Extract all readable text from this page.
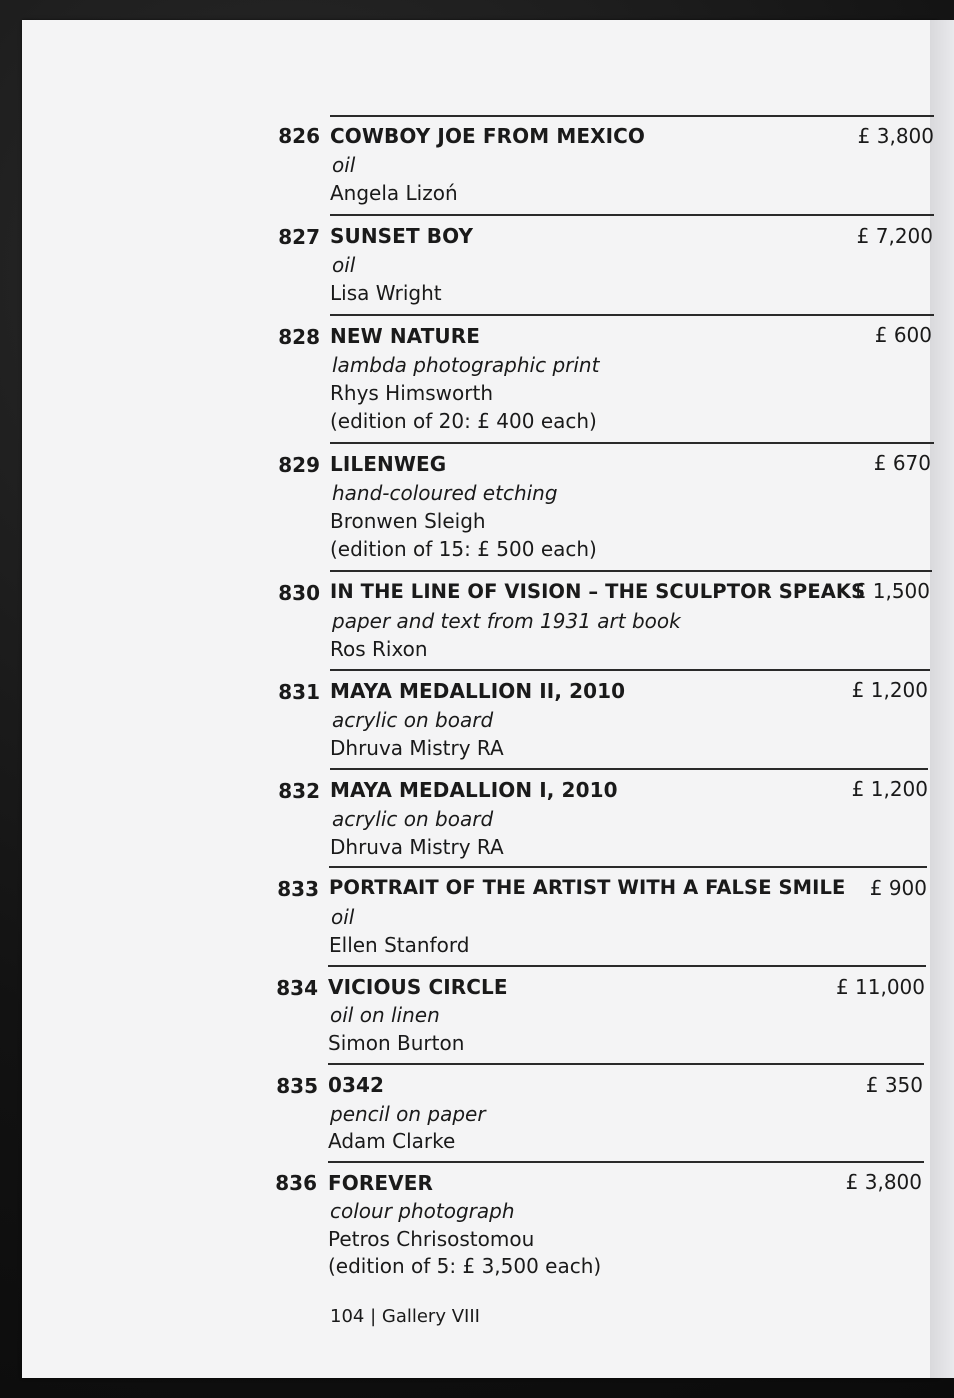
826 COWBOY JOE FROM MEXICO
oil
Angela Lizoń
£ 3,800
827 SUNSET BOY
oil
Lisa Wright
£ 7,200
828 NEW NATURE
lambda photographic print
Rhys Himsworth
(edition of 20: £ 400 each)
£ 600
829 LILENWEG
hand-coloured etching
Bronwen Sleigh
(edition of 15: £ 500 each)
£ 670
830 IN THE LINE OF VISION – THE SCULPTOR SPEAKS
paper and text from 1931 art book
Ros Rixon
£ 1,500
831 MAYA MEDALLION II, 2010
acrylic on board
Dhruva Mistry RA
£ 1,200
832 MAYA MEDALLION I, 2010
acrylic on board
Dhruva Mistry RA
£ 1,200
833 PORTRAIT OF THE ARTIST WITH A FALSE SMILE
oil
Ellen Stanford
£ 900
834 VICIOUS CIRCLE
oil on linen
Simon Burton
£ 11,000
835 0342
pencil on paper
Adam Clarke
£ 350
836 FOREVER
colour photograph
Petros Chrisostomou
(edition of 5: £ 3,500 each)
£ 3,800
104 | Gallery VIII
